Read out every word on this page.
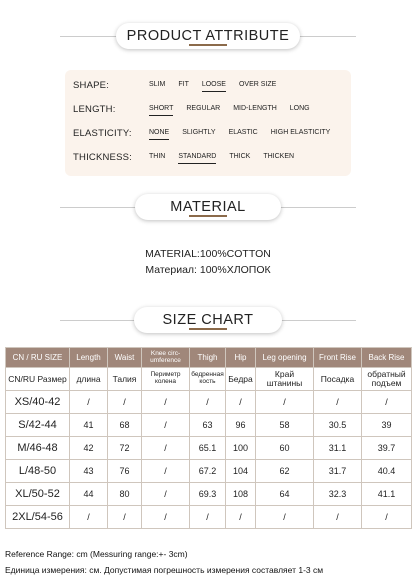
PRODUCT ATTRIBUTE
SHAPE:	SLIM FIT LOOSE OVER SIZE
LENGTH:	SHORT REGULAR MID-LENGTH LONG
ELASTICITY:	NONE SLIGHTLY ELASTIC HIGH ELASTICITY
THICKNESS:	THIN STANDARD THICK THICKEN
MATERIAL
MATERIAL:100%COTTON
Материал: 100%ХЛОПОК
SIZE CHART
CN / RU SIZE	Length	Waist	Knee circ- umference	Thigh	Hip	Leg opening	Front Rise	Back Rise
CN/RU Размер	длина	Талия	Периметр колена	бедренная кость	Бедра	Край штанины	Посадка	обратный подъем
XS/40-42	/	/	/	/	/	/	/	/
S/42-44	41	68	/	63	96	58	30.5	39
M/46-48	42	72	/	65.1	100	60	31.1	39.7
L/48-50	43	76	/	67.2	104	62	31.7	40.4
XL/50-52	44	80	/	69.3	108	64	32.3	41.1
2XL/54-56	/	/	/	/	/	/	/	/
Reference Range: cm (Messuring range:+- 3cm)
Единица измерения: см. Допустимая погрешность измерения составляет 1-3 см
